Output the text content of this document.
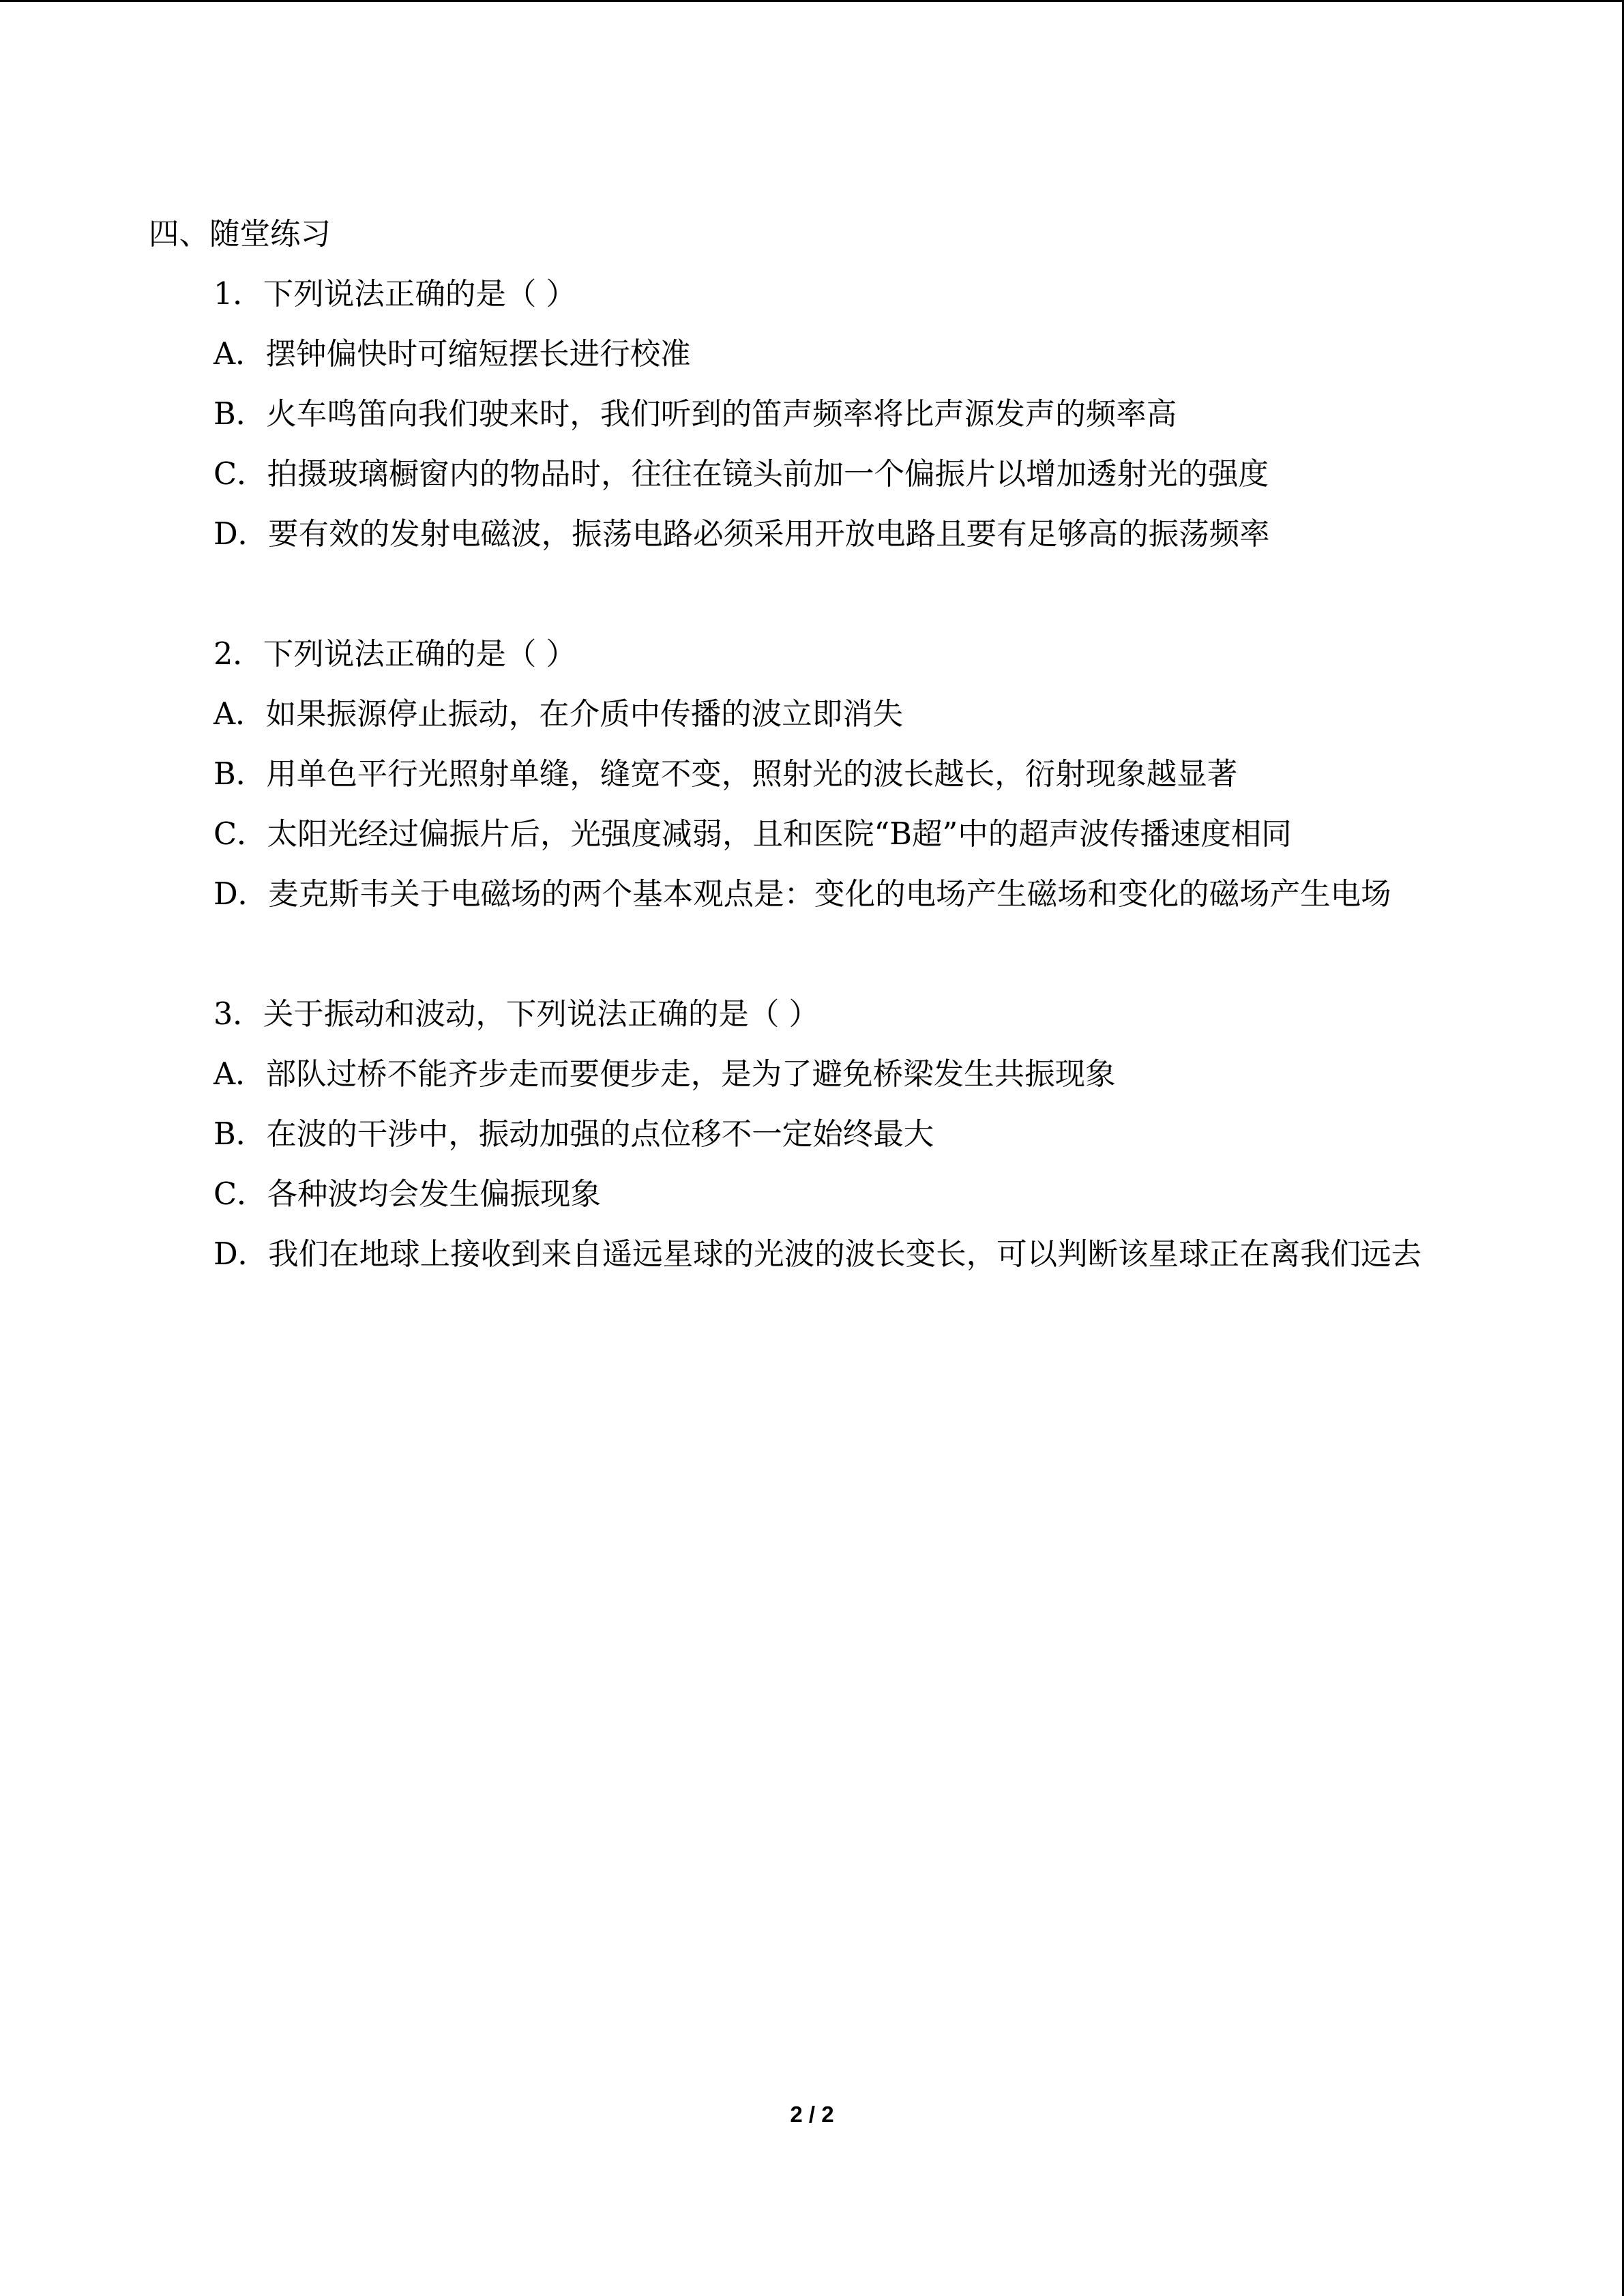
四、随堂练习

1．下列说法正确的是（ ）

A．摆钟偏快时可缩短摆长进行校准

B．火车鸣笛向我们驶来时，我们听到的笛声频率将比声源发声的频率高

C．拍摄玻璃橱窗内的物品时，往往在镜头前加一个偏振片以增加透射光的强度

D．要有效的发射电磁波，振荡电路必须采用开放电路且要有足够高的振荡频率

2．下列说法正确的是（ ）

A．如果振源停止振动，在介质中传播的波立即消失

B．用单色平行光照射单缝，缝宽不变，照射光的波长越长，衍射现象越显著

C．太阳光经过偏振片后，光强度减弱，且和医院“B超”中的超声波传播速度相同

D．麦克斯韦关于电磁场的两个基本观点是：变化的电场产生磁场和变化的磁场产生电场

3．关于振动和波动，下列说法正确的是（ ）

A．部队过桥不能齐步走而要便步走，是为了避免桥梁发生共振现象

B．在波的干涉中，振动加强的点位移不一定始终最大

C．各种波均会发生偏振现象

D．我们在地球上接收到来自遥远星球的光波的波长变长，可以判断该星球正在离我们远去

2 / 2
